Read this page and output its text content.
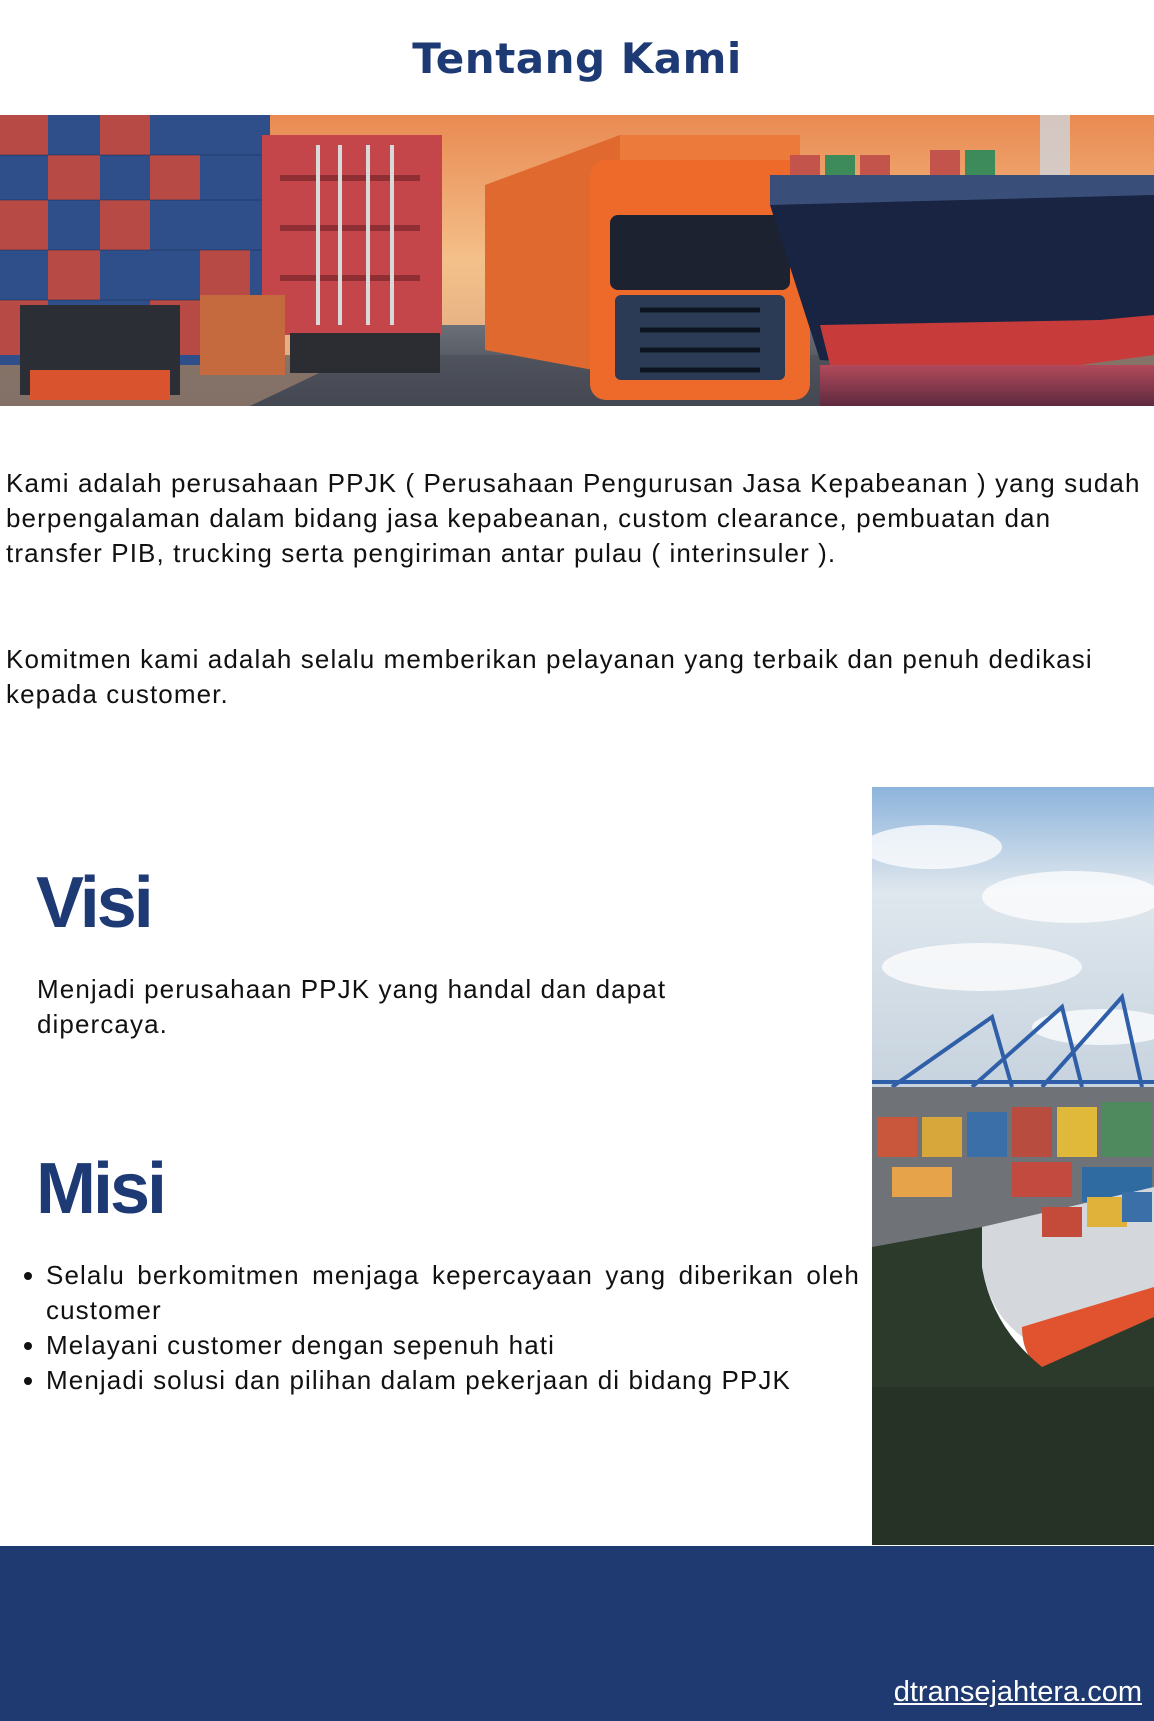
Tentang Kami

Kami adalah perusahaan PPJK ( Perusahaan Pengurusan Jasa Kepabeanan ) yang sudah berpengalaman dalam bidang jasa kepabeanan, custom clearance, pembuatan dan transfer PIB, trucking serta pengiriman antar pulau ( interinsuler ).

Komitmen kami adalah selalu memberikan pelayanan yang terbaik dan penuh dedikasi kepada customer.

Visi

Menjadi perusahaan PPJK yang handal dan dapat dipercaya.

Misi
Selalu berkomitmen menjaga kepercayaan yang diberikan oleh customer
Melayani customer dengan sepenuh hati
Menjadi solusi dan pilihan dalam pekerjaan di bidang PPJK
dtransejahtera.com
